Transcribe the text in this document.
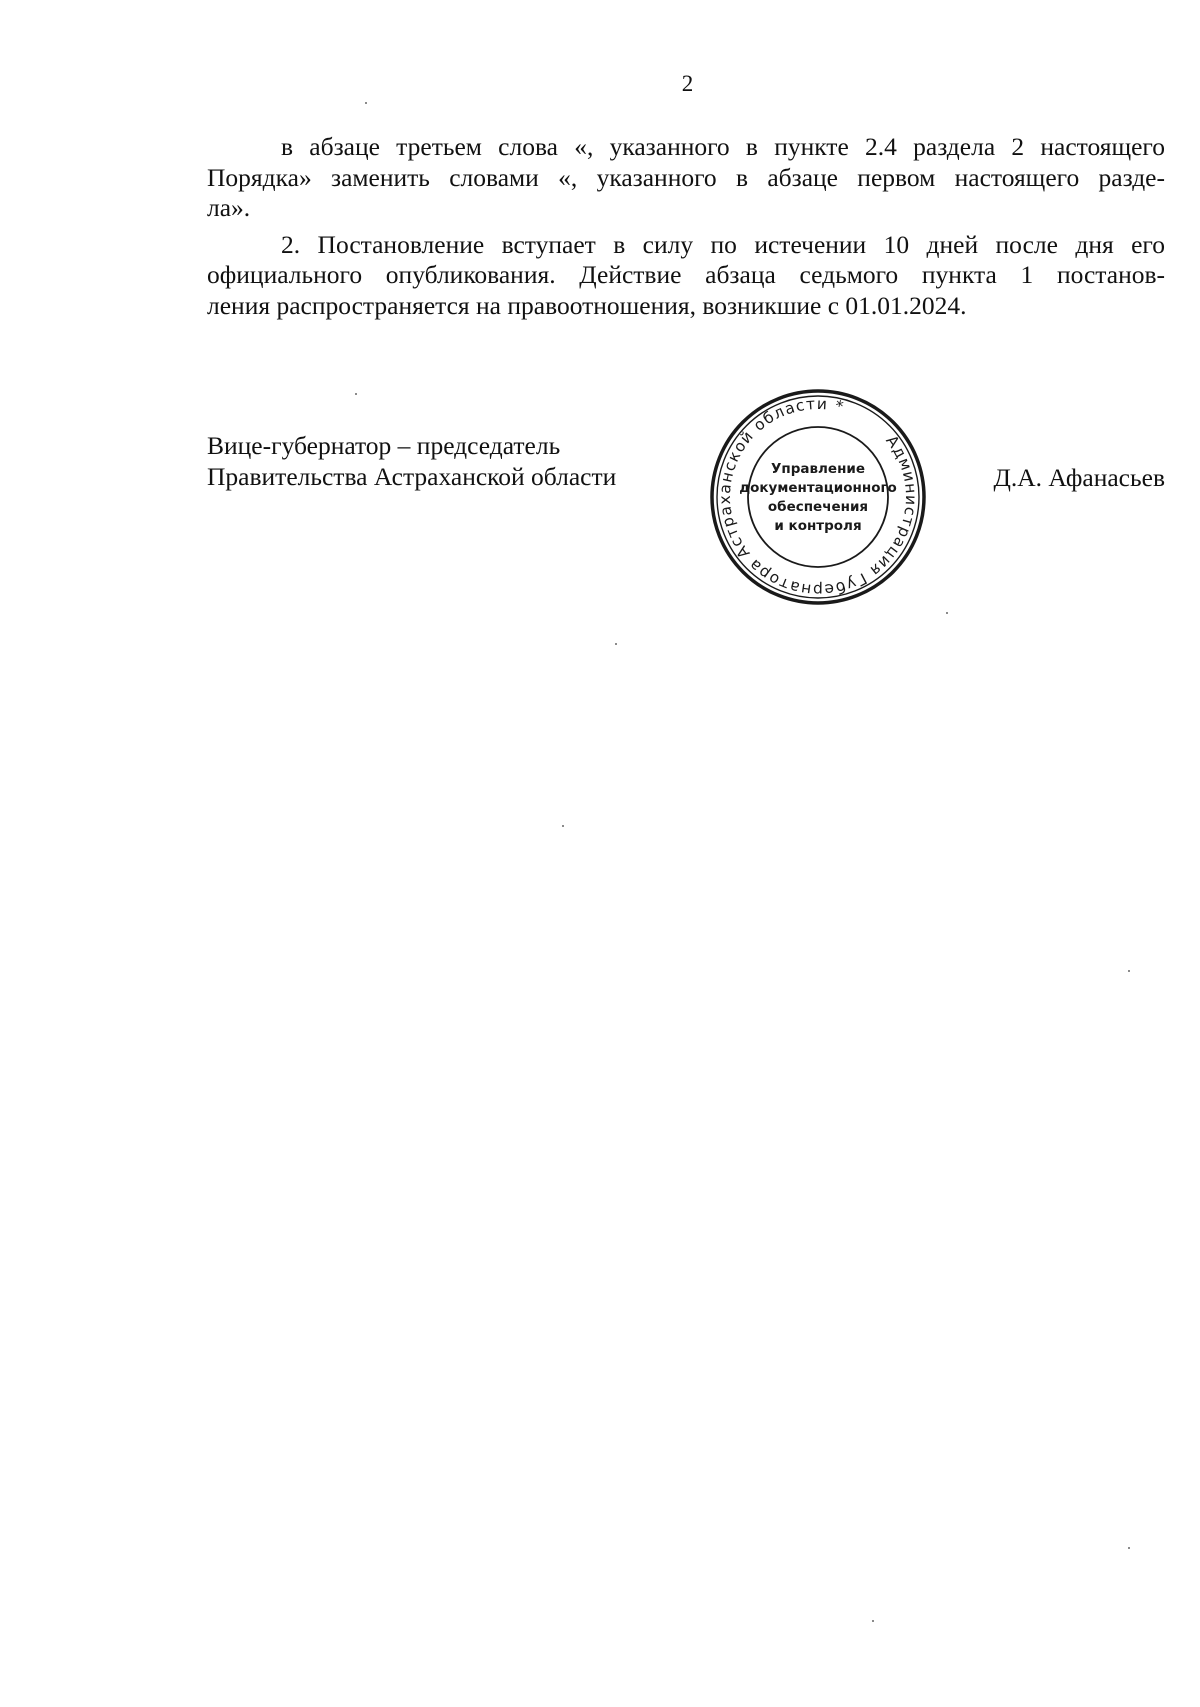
2

в абзаце третьем слова «, указанного в пункте 2.4 раздела 2 настоящего
Порядка» заменить словами «, указанного в абзаце первом настоящего разде-
ла».

2. Постановление вступает в силу по истечении 10 дней после дня его
официального опубликования. Действие абзаца седьмого пункта 1 постанов-
ления распространяется на правоотношения, возникшие с 01.01.2024.

Вице-губернатор – председатель
Правительства Астраханской области
Администрация Губернатора Астраханской области *
Управление
документационного
обеспечения
и контроля
Д.А. Афанасьев
